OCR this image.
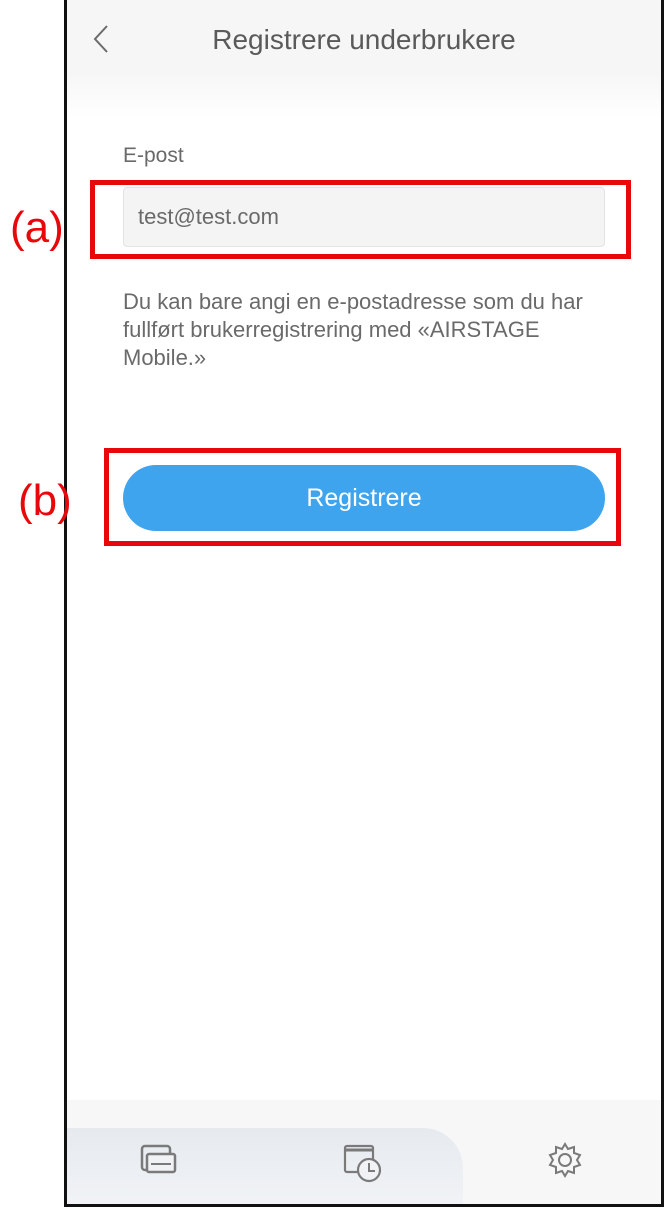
Registrere underbrukere
E-post
test@test.com
Du kan bare angi en e-postadresse som du har fullført brukerregistrering med «AIRSTAGE Mobile.»
Registrere
(a)
(b)
